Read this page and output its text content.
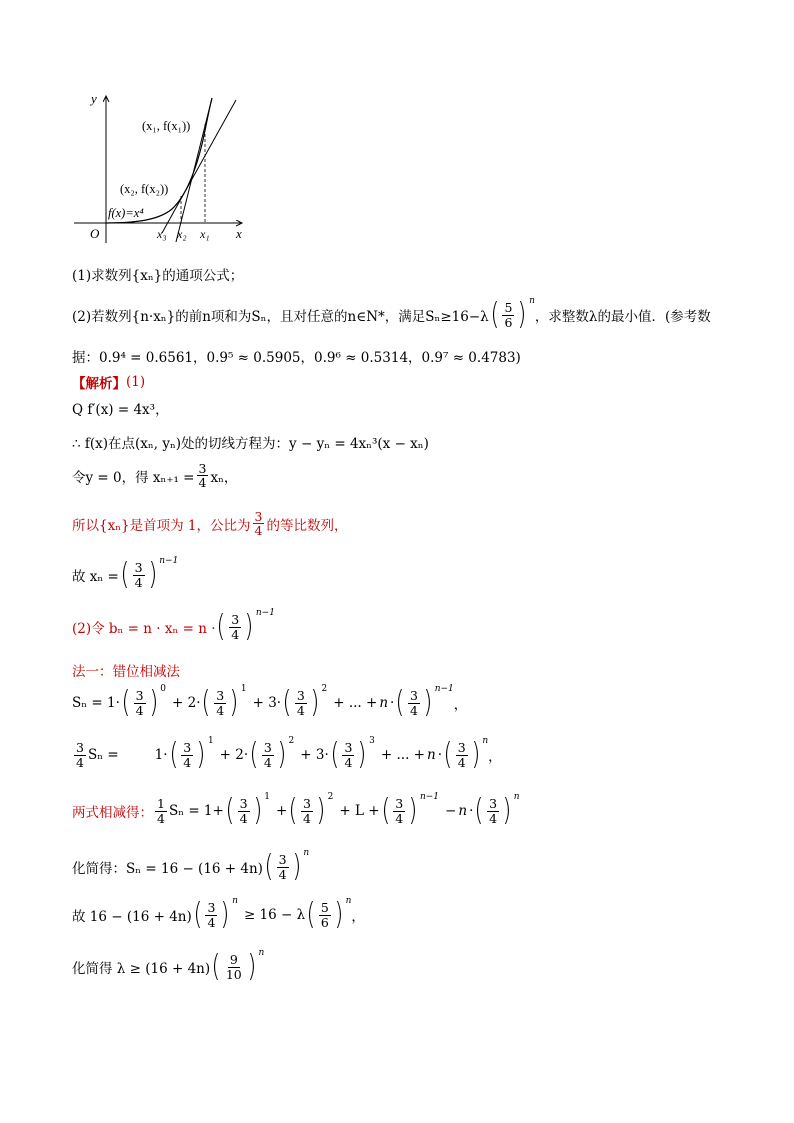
y
x
O
(x₁, f(x₁))
(x₂, f(x₂))
f(x)=x⁴
x₃ x₂ x₁
(1)求数列{xₙ}的通项公式；
(2)若数列{n·xₙ}的前n项和为Sₙ，且对任意的n∈N*，满足Sₙ≥16−λ ( $\frac{5}{6}$ ) n
，求整数λ的最小值．(参考数
据：0.9⁴ = 0.6561，0.9⁵ ≈ 0.5905，0.9⁶ ≈ 0.5314，0.9⁷ ≈ 0.4783)
【解析】 (1)
Q f′(x) = 4x³，
∴ f(x)在点(xₙ, yₙ)处的切线方程为：y − yₙ = 4xₙ³(x − xₙ)
令y = 0，得 $x_{n+1} = \frac{3}{4}$ xₙ，
所以{xₙ}是首项为 1，公比为 $\frac{3}{4}$ 的等比数列，
故 xₙ = ( $\frac{3}{4}$ ) n−1
(2)令 bₙ = n · xₙ = n · ( $\frac{3}{4}$ ) n−1
法一：错位相减法
Sₙ = 1· ( $\frac{3}{4}$ ) 0
+ 2· ( $\frac{3}{4}$ ) 1
+ 3· ( $\frac{3}{4}$ ) 2
+ ... + n · ( $\frac{3}{4}$ ) n−1
，
$\frac{3}{4}$ Sₙ =	1· ( $\frac{3}{4}$ ) 1
+ 2· ( $\frac{3}{4}$ ) 2
+ 3· ( $\frac{3}{4}$ ) 3
+ ... + n · ( $\frac{3}{4}$ ) n
，
两式相减得： $\frac{1}{4}$ Sₙ = 1+ ( $\frac{3}{4}$ ) 1
+ ( $\frac{3}{4}$ ) 2
+ L + ( $\frac{3}{4}$ ) n−1
− n · ( $\frac{3}{4}$ ) n
化简得：Sₙ = 16 − (16 + 4n) ( $\frac{3}{4}$ ) n
故 16 − (16 + 4n) ( $\frac{3}{4}$ ) n
≥ 16 − λ ( $\frac{5}{6}$ ) n
，
化简得 λ ≥ (16 + 4n) ( $\frac{9}{10}$ ) n
